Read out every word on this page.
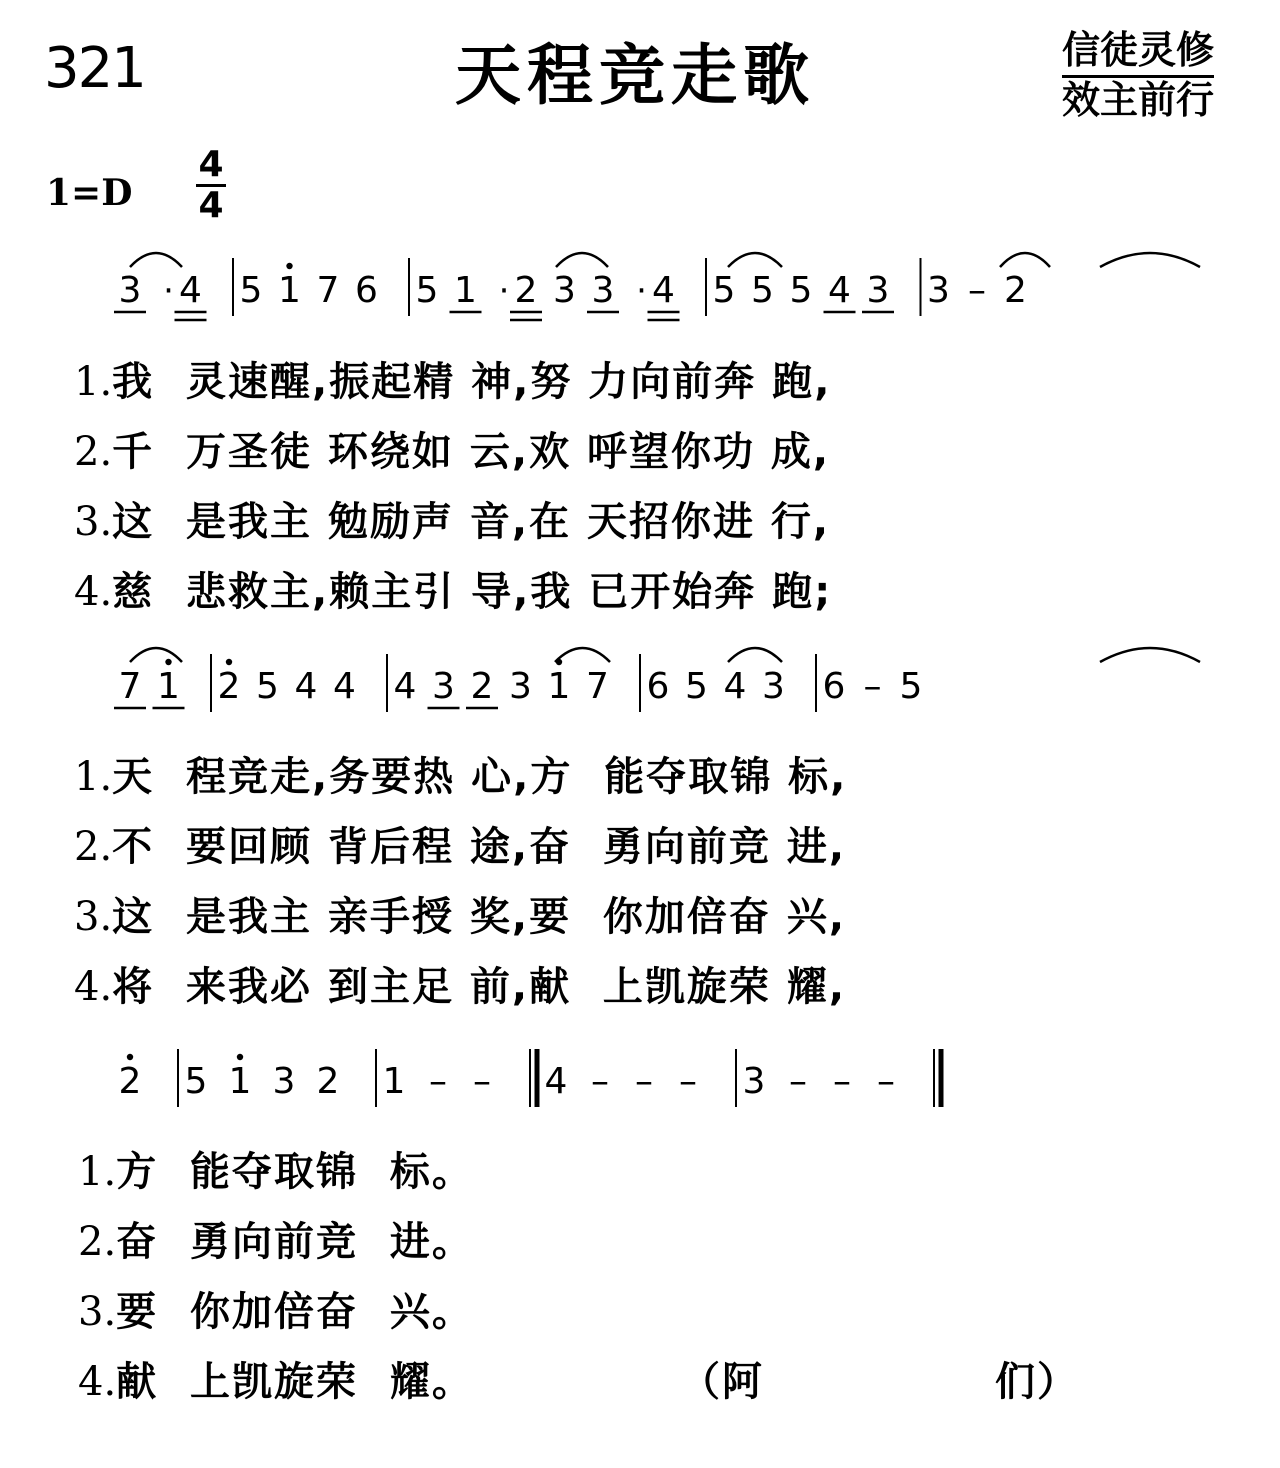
321	天程竞走歌	信徒灵修
效主前行
1=D
4
4
1.我  灵速醒,振起精 神,努 力向前奔 跑,
2.千  万圣徒 环绕如 云,欢 呼望你功 成,
3.这  是我主 勉励声 音,在 天招你进 行,
4.慈  悲救主,赖主引 导,我 已开始奔 跑;
1.天  程竞走,务要热 心,方  能夺取锦 标,
2.不  要回顾 背后程 途,奋  勇向前竞 进,
3.这  是我主 亲手授 奖,要  你加倍奋 兴,
4.将  来我必 到主足 前,献  上凯旋荣 耀,
1.方  能夺取锦  标。
2.奋  勇向前竞  进。
3.要  你加倍奋  兴。
4.献  上凯旋荣  耀。	（阿	们）
3 · 4 5 1 7 6 5 1 · 2 3 3 · 4 5 5 5 4 3 3 – 2
7 1 2 5 4 4 4 3 2 3 1 7 6 5 4 3 6 – 5
2 5 1 3 2 1 – – 4 – – – 3 – – –
